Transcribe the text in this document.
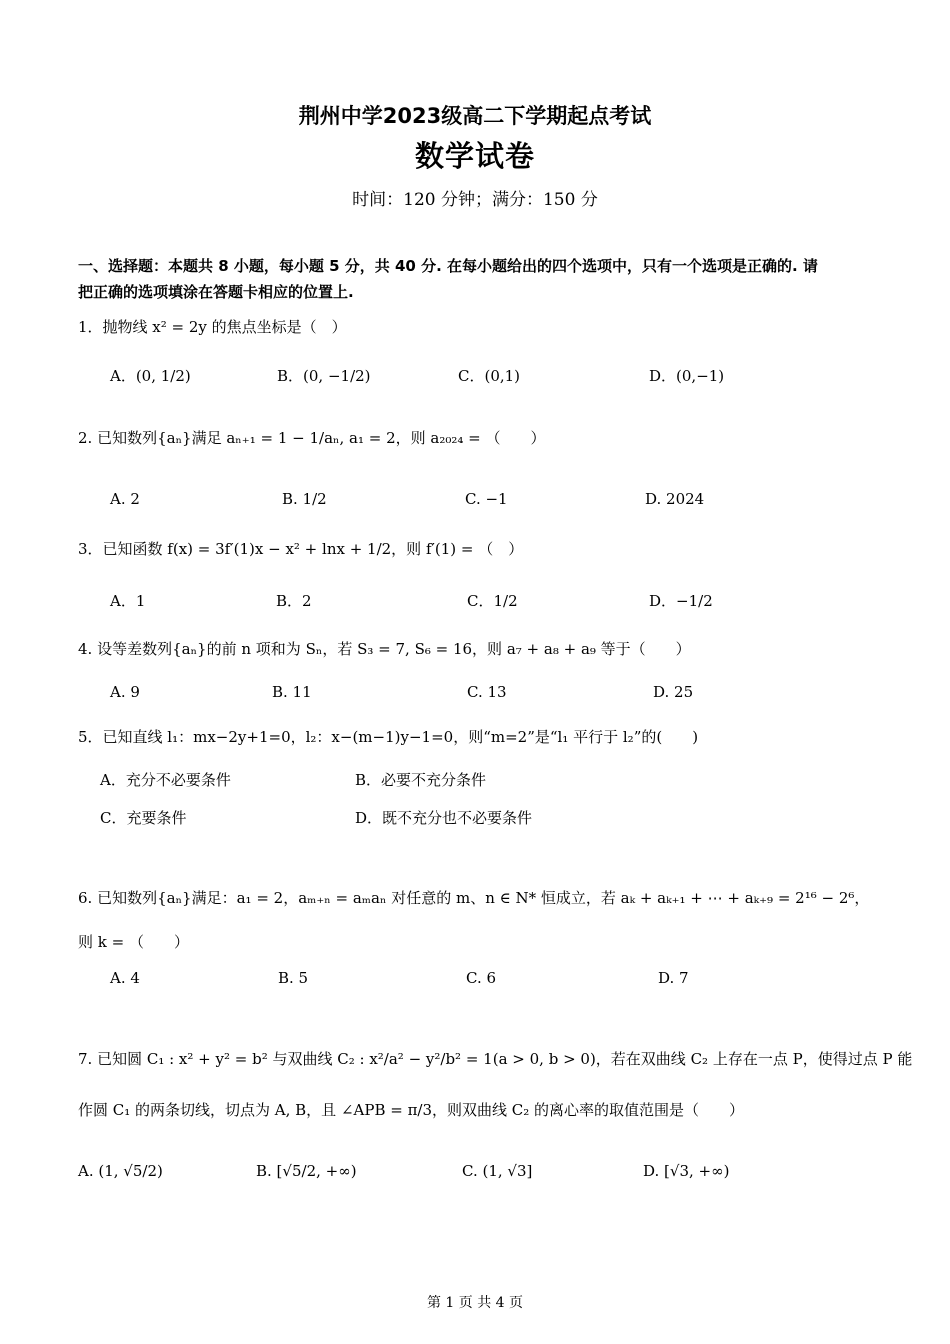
荆州中学2023级高二下学期起点考试
数学试卷
时间：120 分钟；满分：150 分
一、选择题：本题共 8 小题，每小题 5 分，共 40 分. 在每小题给出的四个选项中，只有一个选项是正确的. 请
把正确的选项填涂在答题卡相应的位置上.
1．抛物线 x² = 2y 的焦点坐标是（　）
A．(0, 1/2)	B．(0, −1/2)	C．(0,1)	D．(0,−1)
2. 已知数列{aₙ}满足 aₙ₊₁ = 1 − 1/aₙ, a₁ = 2，则 a₂₀₂₄ = （　　）
A. 2	B. 1/2	C. −1	D. 2024
3．已知函数 f(x) = 3f′(1)x − x² + lnx + 1/2，则 f′(1) = （　）
A．1	B．2	C．1/2	D．−1/2
4. 设等差数列{aₙ}的前 n 项和为 Sₙ，若 S₃ = 7, S₆ = 16，则 a₇ + a₈ + a₉ 等于（　　）
A. 9	B. 11	C. 13	D. 25
5．已知直线 l₁：mx−2y+1=0，l₂：x−(m−1)y−1=0，则“m=2”是“l₁ 平行于 l₂”的(　　)
A．充分不必要条件	B．必要不充分条件
C．充要条件	D．既不充分也不必要条件
6. 已知数列{aₙ}满足：a₁ = 2，aₘ₊ₙ = aₘaₙ 对任意的 m、n ∈ N* 恒成立，若 aₖ + aₖ₊₁ + ⋯ + aₖ₊₉ = 2¹⁶ − 2⁶，
则 k = （　　）
A. 4	B. 5	C. 6	D. 7
7. 已知圆 C₁ : x² + y² = b² 与双曲线 C₂ : x²/a² − y²/b² = 1(a > 0, b > 0)，若在双曲线 C₂ 上存在一点 P，使得过点 P 能
作圆 C₁ 的两条切线，切点为 A, B，且 ∠APB = π/3，则双曲线 C₂ 的离心率的取值范围是（　　）
A. (1, √5/2)	B. [√5/2, +∞)	C. (1, √3]	D. [√3, +∞)
第 1 页 共 4 页
